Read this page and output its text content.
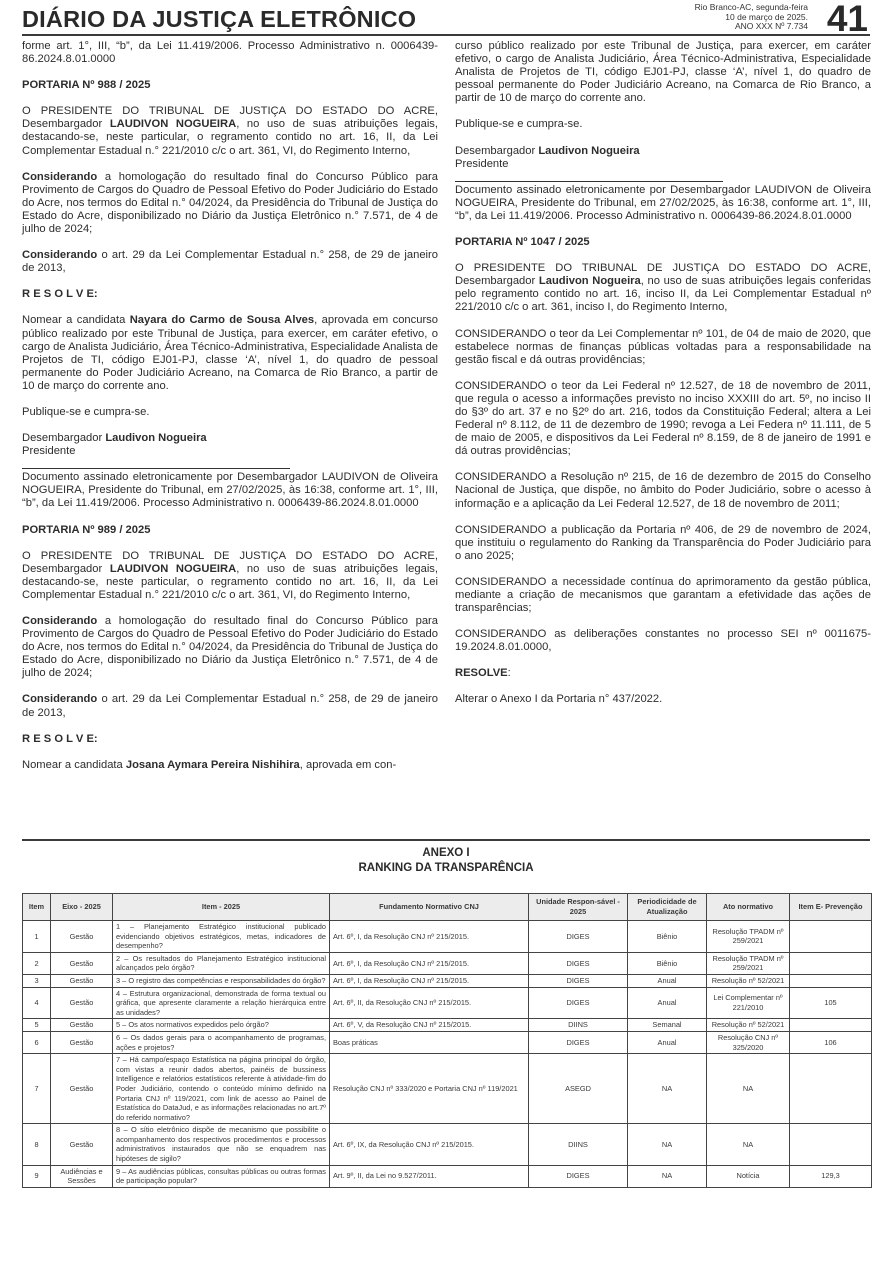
DIÁRIO DA JUSTIÇA ELETRÔNICO	Rio Branco-AC, segunda-feira
10 de março de 2025.
ANO XXX Nº 7.734 41

forme art. 1°, III, “b”, da Lei 11.419/2006. Processo Administrativo n. 0006439-86.2024.8.01.0000

PORTARIA Nº 988 / 2025

O PRESIDENTE DO TRIBUNAL DE JUSTIÇA DO ESTADO DO ACRE, Desembargador LAUDIVON NOGUEIRA, no uso de suas atribuições legais, destacando-se, neste particular, o regramento contido no art. 16, II, da Lei Complementar Estadual n.° 221/2010 c/c o art. 361, VI, do Regimento Interno,

Considerando a homologação do resultado final do Concurso Público para Provimento de Cargos do Quadro de Pessoal Efetivo do Poder Judiciário do Estado do Acre, nos termos do Edital n.° 04/2024, da Presidência do Tribunal de Justiça do Estado do Acre, disponibilizado no Diário da Justiça Eletrônico n.° 7.571, de 4 de julho de 2024;

Considerando o art. 29 da Lei Complementar Estadual n.° 258, de 29 de janeiro de 2013,

R E S O L V E:

Nomear a candidata Nayara do Carmo de Sousa Alves, aprovada em concurso público realizado por este Tribunal de Justiça, para exercer, em caráter efetivo, o cargo de Analista Judiciário, Área Técnico-Administrativa, Especialidade Analista de Projetos de TI, código EJ01-PJ, classe ‘A’, nível 1, do quadro de pessoal permanente do Poder Judiciário Acreano, na Comarca de Rio Branco, a partir de 10 de março do corrente ano.

Publique-se e cumpra-se.

Desembargador Laudivon Nogueira

Presidente

Documento assinado eletronicamente por Desembargador LAUDIVON de Oliveira NOGUEIRA, Presidente do Tribunal, em 27/02/2025, às 16:38, conforme art. 1°, III, “b”, da Lei 11.419/2006. Processo Administrativo n. 0006439-86.2024.8.01.0000

PORTARIA Nº 989 / 2025

O PRESIDENTE DO TRIBUNAL DE JUSTIÇA DO ESTADO DO ACRE, Desembargador LAUDIVON NOGUEIRA, no uso de suas atribuições legais, destacando-se, neste particular, o regramento contido no art. 16, II, da Lei Complementar Estadual n.° 221/2010 c/c o art. 361, VI, do Regimento Interno,

Considerando a homologação do resultado final do Concurso Público para Provimento de Cargos do Quadro de Pessoal Efetivo do Poder Judiciário do Estado do Acre, nos termos do Edital n.° 04/2024, da Presidência do Tribunal de Justiça do Estado do Acre, disponibilizado no Diário da Justiça Eletrônico n.° 7.571, de 4 de julho de 2024;

Considerando o art. 29 da Lei Complementar Estadual n.° 258, de 29 de janeiro de 2013,

R E S O L V E:

Nomear a candidata Josana Aymara Pereira Nishihira, aprovada em con-

curso público realizado por este Tribunal de Justiça, para exercer, em caráter efetivo, o cargo de Analista Judiciário, Área Técnico-Administrativa, Especialidade Analista de Projetos de TI, código EJ01-PJ, classe ‘A’, nível 1, do quadro de pessoal permanente do Poder Judiciário Acreano, na Comarca de Rio Branco, a partir de 10 de março do corrente ano.

Publique-se e cumpra-se.

Desembargador Laudivon Nogueira

Presidente

Documento assinado eletronicamente por Desembargador LAUDIVON de Oliveira NOGUEIRA, Presidente do Tribunal, em 27/02/2025, às 16:38, conforme art. 1°, III, “b”, da Lei 11.419/2006. Processo Administrativo n. 0006439-86.2024.8.01.0000

PORTARIA Nº 1047 / 2025

O PRESIDENTE DO TRIBUNAL DE JUSTIÇA DO ESTADO DO ACRE, Desembargador Laudivon Nogueira, no uso de suas atribuições legais conferidas pelo regramento contido no art. 16, inciso II, da Lei Complementar Estadual nº 221/2010 c/c o art. 361, inciso I, do Regimento Interno,

CONSIDERANDO o teor da Lei Complementar nº 101, de 04 de maio de 2020, que estabelece normas de finanças públicas voltadas para a responsabilidade na gestão fiscal e dá outras providências;

CONSIDERANDO o teor da Lei Federal nº 12.527, de 18 de novembro de 2011, que regula o acesso a informações previsto no inciso XXXIII do art. 5º, no inciso II do §3º do art. 37 e no §2º do art. 216, todos da Constituição Federal; altera a Lei Federal nº 8.112, de 11 de dezembro de 1990; revoga a Lei Federa nº 11.111, de 5 de maio de 2005, e dispositivos da Lei Federal nº 8.159, de 8 de janeiro de 1991 e dá outras providências;

CONSIDERANDO a Resolução nº 215, de 16 de dezembro de 2015 do Conselho Nacional de Justiça, que dispõe, no âmbito do Poder Judiciário, sobre o acesso à informação e a aplicação da Lei Federal 12.527, de 18 de novembro de 2011;

CONSIDERANDO a publicação da Portaria nº 406, de 29 de novembro de 2024, que instituiu o regulamento do Ranking da Transparência do Poder Judiciário para o ano 2025;

CONSIDERANDO a necessidade contínua do aprimoramento da gestão pública, mediante a criação de mecanismos que garantam a efetividade das ações de transparências;

CONSIDERANDO as deliberações constantes no processo SEI nº 0011675-19.2024.8.01.0000,

RESOLVE:

Alterar o Anexo I da Portaria n° 437/2022.

ANEXO I
RANKING DA TRANSPARÊNCIA
Item	Eixo - 2025	Item - 2025	Fundamento Normativo CNJ	Unidade Respon-sável - 2025	Periodicidade de Atualização	Ato normativo	Item E- Prevenção
1	Gestão	1 – Planejamento Estratégico institucional publicado evidenciando objetivos estratégicos, metas, indicadores de desempenho?	Art. 6º, I, da Resolução CNJ nº 215/2015.	DIGES	Biênio	Resolução TPADM nº 259/2021	
2	Gestão	2 – Os resultados do Planejamento Estratégico institucional alcançados pelo órgão?	Art. 6º, I, da Resolução CNJ nº 215/2015.	DIGES	Biênio	Resolução TPADM nº 259/2021	
3	Gestão	3 – O registro das competências e responsabilidades do órgão?	Art. 6º, I, da Resolução CNJ nº 215/2015.	DIGES	Anual	Resolução nº 52/2021	
4	Gestão	4 – Estrutura organizacional, demonstrada de forma textual ou gráfica, que apresente claramente a relação hierárquica entre as unidades?	Art. 6º, II, da Resolução CNJ nº 215/2015.	DIGES	Anual	Lei Complementar nº 221/2010	105
5	Gestão	5 – Os atos normativos expedidos pelo órgão?	Art. 6º, V, da Resolução CNJ nº 215/2015.	DIINS	Semanal	Resolução nº 52/2021	
6	Gestão	6 – Os dados gerais para o acompanhamento de programas, ações e projetos?	Boas práticas	DIGES	Anual	Resolução CNJ nº 325/2020	106
7	Gestão	7 – Há campo/espaço Estatística na página principal do órgão, com vistas a reunir dados abertos, painéis de bussiness Intelligence e relatórios estatísticos referente à atividade-fim do Poder Judiciário, contendo o conteúdo mínimo definido na Portaria CNJ nº 119/2021, com link de acesso ao Painel de Estatística do DataJud, e as informações relacionadas no art.7º do referido normativo?	Resolução CNJ nº 333/2020 e Portaria CNJ nº 119/2021	ASEGD	NA	NA	
8	Gestão	8 – O sítio eletrônico dispõe de mecanismo que possibilite o acompanhamento dos respectivos procedimentos e processos administrativos instaurados que não se enquadrem nas hipóteses de sigilo?	Art. 6º, IX, da Resolução CNJ nº 215/2015.	DIINS	NA	NA	
9	Audiências e Sessões	9 – As audiências públicas, consultas públicas ou outras formas de participação popular?	Art. 9º, II, da Lei no 9.527/2011.	DIGES	NA	Notícia	129,3
